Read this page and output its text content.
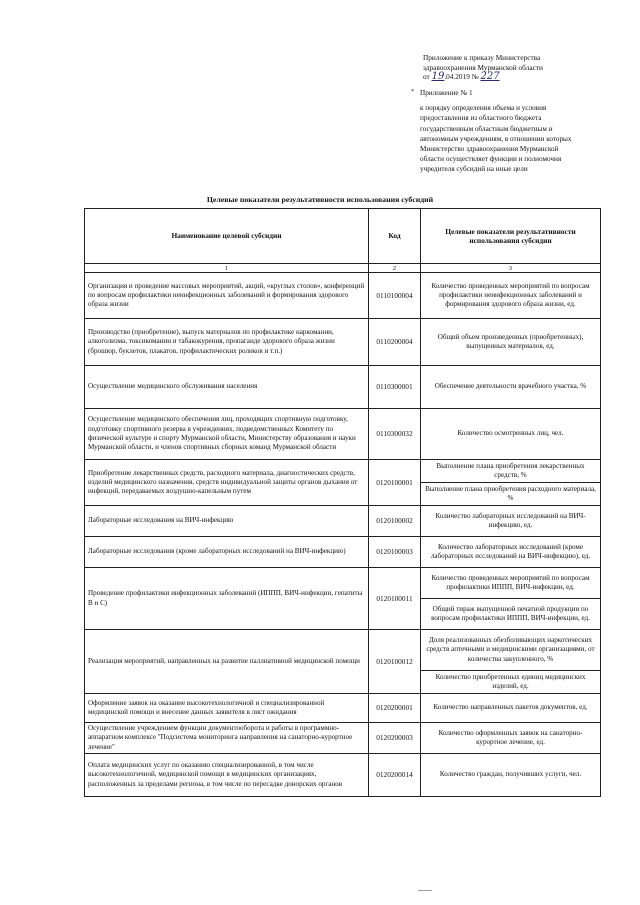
Приложение к приказу Министерства
здравоохранения Мурманской области
от 19.04.2019 № 227
* Приложение № 1
к порядку определения объема и условия
предоставления из областного бюджета
государственным областным бюджетным и
автономным учреждениям, в отношении которых
Министерство здравоохранения Мурманской
области осуществляет функции и полномочия
учредителя субсидий на иные цели
Целевые показатели результативности использования субсидий
Наименование целевой субсидии	Код	Целевые показатели результативности использования субсидии
1	2	3
Организация и проведение массовых мероприятий, акций, «круглых столов», конференций по вопросам профилактики неинфекционных заболеваний и формирования здорового образа жизни	0110100004	Количество проведенных мероприятий по вопросам профилактики неинфекционных заболеваний и формирования здорового образа жизни, ед.
Производство (приобретение), выпуск материалов по профилактике наркомании, алкоголизма, токсикомании и табакокурения, пропаганде здорового образа жизни (брошюр, буклетов, плакатов, профилактических роликов и т.п.)	0110200004	Общий объем произведенных (приобретенных), выпущенных материалов, ед.
Осуществление медицинского обслуживания населения	0110300001	Обеспечение деятельности врачебного участка, %
Осуществление медицинского обеспечения лиц, проходящих спортивную подготовку, подготовку спортивного резерва в учреждениях, подведомственных Комитету по физической культуре и спорту Мурманской области, Министерству образования и науки Мурманской области, и членов спортивных сборных команд Мурманской области	0110300032	Количество осмотренных лиц, чел.
Приобретение лекарственных средств, расходного материала, диагностических средств, изделий медицинского назначения, средств индивидуальной защиты органов дыхания от инфекций, передаваемых воздушно-капельным путем	0120100001	Выполнение плана приобретения лекарственных средств, %
		Выполнение плана приобретения расходного материала, %
Лабораторные исследования на ВИЧ-инфекцию	0120100002	Количество лабораторных исследований на ВИЧ-инфекцию, ед.
Лабораторные исследования (кроме лабораторных исследований на ВИЧ-инфекцию)	0120100003	Количество лабораторных исследований (кроме лабораторных исследований на ВИЧ-инфекцию), ед.
Проведение профилактики инфекционных заболеваний (ИППП, ВИЧ-инфекции, гепатиты В и С)	0120100011	Количество проведенных мероприятий по вопросам профилактики ИППП, ВИЧ-инфекции, ед.
		Общий тираж выпущенной печатной продукции по вопросам профилактики ИППП, ВИЧ-инфекции, ед.
Реализация мероприятий, направленных на развитие паллиативной медицинской помощи	0120100012	Доля реализованных обезболивающих наркотических средств аптечными и медицинскими организациями, от количества закупленного, %
		Количество приобретенных единиц медицинских изделий, ед.
Оформление заявок на оказание высокотехнологичной и специализированной медицинской помощи и внесение данных заявителя в лист ожидания	0120200001	Количество направленных пакетов документов, ед.
Осуществление учреждением функции документооборота и работы в программно-аппаратном комплексе "Подсистема мониторинга направления на санаторно-курортное лечение"	0120200003	Количество оформленных заявок на санаторно-курортное лечение, ед.
Оплата медицинских услуг по оказанию специализированной, в том числе высокотехнологичной, медицинской помощи в медицинских организациях, расположенных за пределами региона, в том числе по пересадке донорских органов	0120200014	Количество граждан, получивших услуги, чел.
